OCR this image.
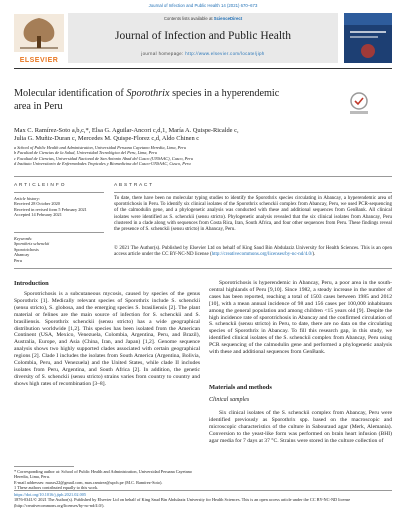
Journal of Infection and Public Health 14 (2021) 670–673
ELSEVIER
Contents lists available at ScienceDirect
Journal of Infection and Public Health
journal homepage: http://www.elsevier.com/locate/jiph
Molecular identification of Sporothrix species in a hyperendemic
area in Peru
Max C. Ramírez-Soto a,b,c,*, Elsa G. Aguilar-Ancori c,d,1, María A. Quispe-Ricalde c,
Julia G. Muñiz-Duran c, Mercedes M. Quispe-Florez c,d, Aldo Chinen c
a School of Public Health and Administration, Universidad Peruana Cayetano Heredia, Lima, Peru
b Facultad de Ciencias de la Salud, Universidad Tecnológica del Peru, Lima, Peru
c Facultad de Ciencias, Universidad Nacional de San Antonio Abad del Cusco (UNSAAC), Cusco, Peru
d Instituto Universitario de Enfermedades Tropicales y Biomedicina del Cusco-UNSAAC, Cusco, Peru
A R T I C L E I N F O
Article history:
Received 28 October 2020
Received in revised form 5 February 2021
Accepted 14 February 2021
Keywords:
Sporothrix schenckii
Sporotrichosis
Abancay
Peru
A B S T R A C T
To date, there have been no molecular typing studies to identify the Sporothrix species circulating in Abancay, a hyperendemic area of sporotrichosis in Peru. To identify six clinical isolates of the Sporothrix schenckii complex from Abancay, Peru, we used PCR-sequencing of the calmodulin gene, and a phylogenetic analysis was conducted with these and additional sequences from GenBank. All clinical isolates were identified as S. schenckii (sensu stricto). Phylogenetic analysis revealed that the six clinical isolates from Abancay, Peru clustered in a clade along with sequences from Costa Rica, Iran, South Africa, and four other sequences from Peru. These findings reveal the presence of S. schenckii (sensu stricto) in Abancay, Peru.
© 2021 The Author(s). Published by Elsevier Ltd on behalf of King Saud Bin Abdulaziz University for Health Sciences. This is an open access article under the CC BY-NC-ND license (http://creativecommons.org/licenses/by-nc-nd/4.0/).
Introduction
Sporotrichosis is a subcutaneous mycosis, caused by species of the genus Sporothrix [1]. Medically relevant species of Sporothrix include S. schenckii (sensu stricto), S. globosa, and the emerging species S. brasiliensis [2]. The plant material or felines are the main source of infection for S. schenckii and S. brasiliensis. Sporothrix schenckii (sensu stricto) has a wide geographical distribution worldwide [1,2]. This species has been isolated from the American Continent (USA, Mexico, Venezuela, Colombia, Argentina, Peru, and Brazil), Australia, Europe, and Asia (China, Iran, and Japan) [1,2]. Genome sequence analysis shows two highly supported clades associated with certain geographical regions [2]. Clade I includes the isolates from South America (Argentina, Bolivia, Colombia, Peru, and Venezuela) and the United States, while clade II includes isolates from Peru, Argentina, and South Africa [2]. In addition, the genetic diversity of S. schenckii (sensu stricto) strains varies from country to country and shows high rates of recombination [3–8].
* Corresponding author at: School of Public Health and Administration, Universidad Peruana Cayetano Heredia, Lima, Peru.
E-mail addresses: maxrs22@gmail.com, max.ramirez@upch.pe (M.C. Ramírez-Soto).
1 These authors contributed equally to this work.
Sporotrichosis is hyperendemic in Abancay, Peru, a poor area in the south-central highlands of Peru [9,10]. Since 1982, a steady increase in the number of cases has been reported, reaching a total of 1503 cases between 1985 and 2012 [10], with a mean annual incidence of 98 and 156 cases per 100,000 inhabitants among the general population and among children <15 years old [9]. Despite the high incidence rate of sporotrichosis in Abancay and the confirmed circulation of S. schenckii (sensu stricto) in Peru, to date, there are no data on the circulating species of Sporothrix in Abancay. To fill this research gap, in this study, we identified clinical isolates of the S. schenckii complex from Abancay, Peru using PCR sequencing of the calmodulin gene and performed a phylogenetic analysis with these and additional sequences from GenBank.
Materials and methods
Clinical samples
Six clinical isolates of the S. schenckii complex from Abancay, Peru were identified previously as Sporothrix spp. based on the macroscopic and microscopic characteristics of the culture in Sabouraud agar (Merk, Alemania). Conversion to the yeast-like form was performed on brain heart infusion (BHI) agar media for 7 days at 37 °C. Strains were stored in the culture collection of
https://doi.org/10.1016/j.jiph.2021.02.005
1876-0341/© 2021 The Author(s). Published by Elsevier Ltd on behalf of King Saud Bin Abdulaziz University for Health Sciences. This is an open access article under the CC BY-NC-ND license (http://creativecommons.org/licenses/by-nc-nd/4.0/).
